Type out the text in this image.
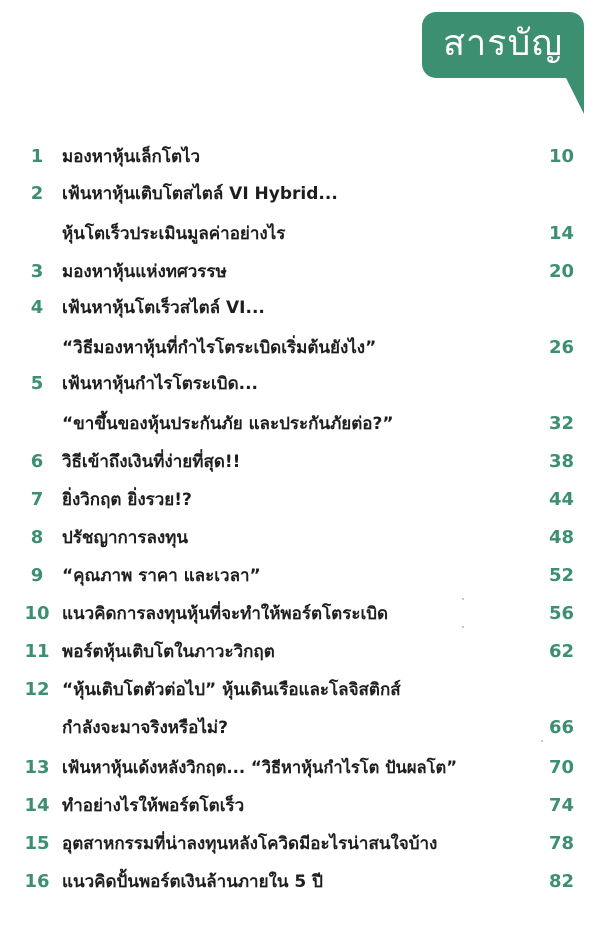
สารบัญ
1	มองหาหุ้นเล็กโตไว	10
2	เฟ้นหาหุ้นเติบโตสไตล์ VI Hybrid...
หุ้นโตเร็วประเมินมูลค่าอย่างไร	14
3	มองหาหุ้นแห่งทศวรรษ	20
4	เฟ้นหาหุ้นโตเร็วสไตล์ VI...
“วิธีมองหาหุ้นที่กำไรโตระเบิดเริ่มต้นยังไง”	26
5	เฟ้นหาหุ้นกำไรโตระเบิด...
“ขาขึ้นของหุ้นประกันภัย และประกันภัยต่อ?”	32
6	วิธีเข้าถึงเงินที่ง่ายที่สุด!!	38
7	ยิ่งวิกฤต ยิ่งรวย!?	44
8	ปรัชญาการลงทุน	48
9	“คุณภาพ ราคา และเวลา”	52
10 แนวคิดการลงทุนหุ้นที่จะทำให้พอร์ตโตระเบิด	56
11 พอร์ตหุ้นเติบโตในภาวะวิกฤต	62
12 “หุ้นเติบโตตัวต่อไป” หุ้นเดินเรือและโลจิสติกส์
กำลังจะมาจริงหรือไม่?	66
13 เฟ้นหาหุ้นเด้งหลังวิกฤต... “วิธีหาหุ้นกำไรโต ปันผลโต”	70
14 ทำอย่างไรให้พอร์ตโตเร็ว	74
15 อุตสาหกรรมที่น่าลงทุนหลังโควิดมีอะไรน่าสนใจบ้าง	78
16 แนวคิดปั้นพอร์ตเงินล้านภายใน 5 ปี	82
